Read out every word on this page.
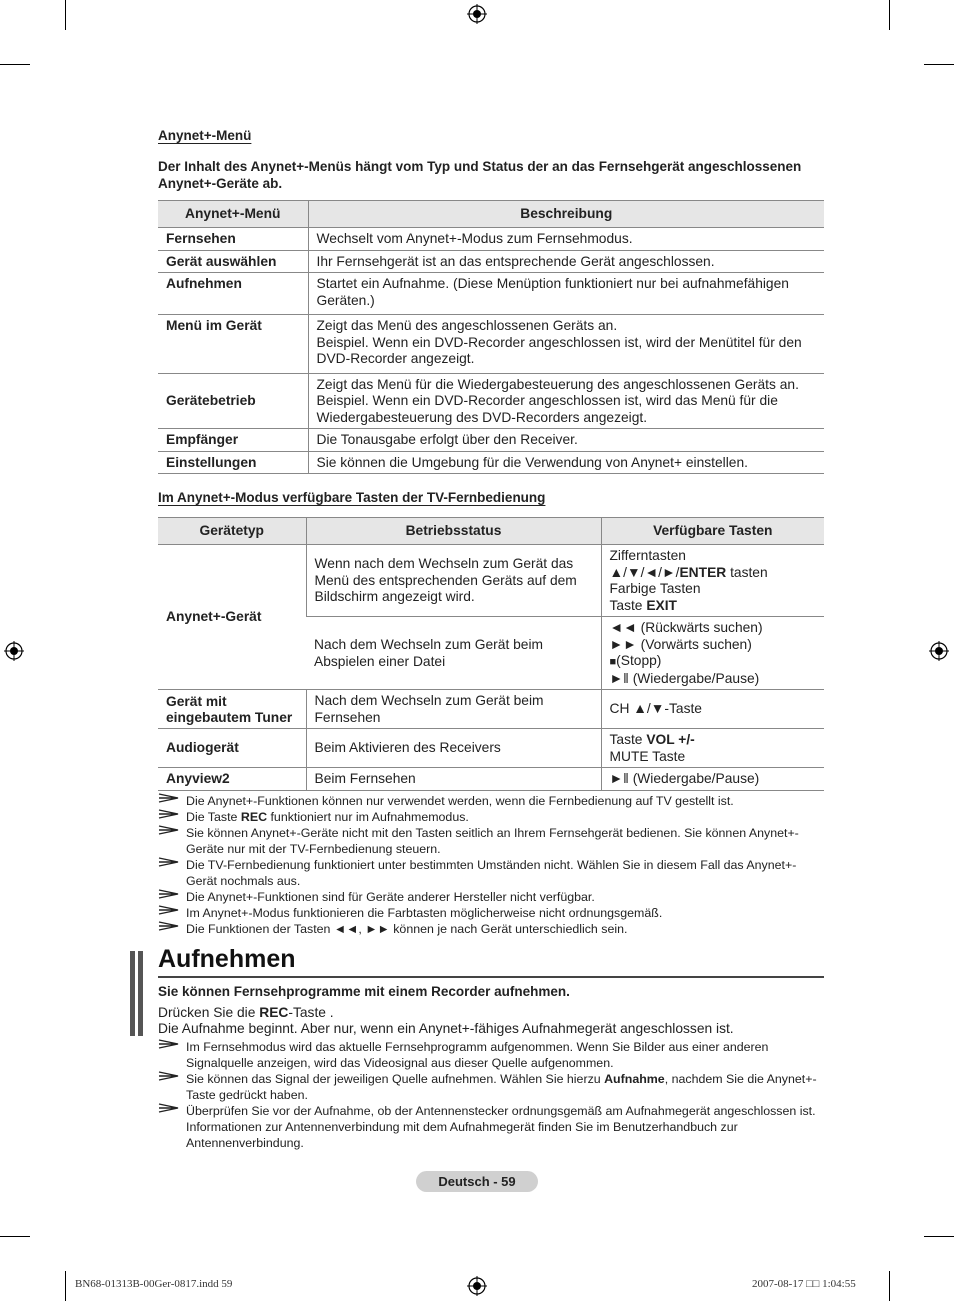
Anynet+-Menü
Der Inhalt des Anynet+-Menüs hängt vom Typ und Status der an das Fernsehgerät angeschlossenen Anynet+-Geräte ab.
Anynet+-Menü	Beschreibung
Fernsehen	Wechselt vom Anynet+-Modus zum Fernsehmodus.
Gerät auswählen	Ihr Fernsehgerät ist an das entsprechende Gerät angeschlossen.
Aufnehmen	Startet ein Aufnahme. (Diese Menüption funktioniert nur bei aufnahmefähigen Geräten.)
Menü im Gerät	Zeigt das Menü des angeschlossenen Geräts an.
Beispiel. Wenn ein DVD-Recorder angeschlossen ist, wird der Menütitel für den DVD-Recorder angezeigt.
Gerätebetrieb	Zeigt das Menü für die Wiedergabesteuerung des angeschlossenen Geräts an. Beispiel. Wenn ein DVD-Recorder angeschlossen ist, wird das Menü für die Wiedergabesteuerung des DVD-Recorders angezeigt.
Empfänger	Die Tonausgabe erfolgt über den Receiver.
Einstellungen	Sie können die Umgebung für die Verwendung von Anynet+ einstellen.
Im Anynet+-Modus verfügbare Tasten der TV-Fernbedienung
Gerätetyp	Betriebsstatus	Verfügbare Tasten
Anynet+-Gerät	Wenn nach dem Wechseln zum Gerät das Menü des entsprechenden Geräts auf dem Bildschirm angezeigt wird.	Zifferntasten
▲/▼/◄/►/ENTER tasten
Farbige Tasten
Taste EXIT

	Nach dem Wechseln zum Gerät beim Abspielen einer Datei	◄◄ (Rückwärts suchen)
►► (Vorwärts suchen)
■(Stopp)
►‖ (Wiedergabe/Pause)

Gerät mit eingebautem Tuner	Nach dem Wechseln zum Gerät beim Fernsehen	CH ▲/▼-Taste
Audiogerät	Beim Aktivieren des Receivers	Taste VOL +/-
MUTE Taste

Anyview2	Beim Fernsehen	►‖ (Wiedergabe/Pause)
Die Anynet+-Funktionen können nur verwendet werden, wenn die Fernbedienung auf TV gestellt ist.
Die Taste REC funktioniert nur im Aufnahmemodus.
Sie können Anynet+-Geräte nicht mit den Tasten seitlich an Ihrem Fernsehgerät bedienen. Sie können Anynet+-Geräte nur mit der TV-Fernbedienung steuern.
Die TV-Fernbedienung funktioniert unter bestimmten Umständen nicht. Wählen Sie in diesem Fall das Anynet+-Gerät nochmals aus.
Die Anynet+-Funktionen sind für Geräte anderer Hersteller nicht verfügbar.
Im Anynet+-Modus funktionieren die Farbtasten möglicherweise nicht ordnungsgemäß.
Die Funktionen der Tasten ◄◄, ►► können je nach Gerät unterschiedlich sein.
Aufnehmen
Sie können Fernsehprogramme mit einem Recorder aufnehmen.
Drücken Sie die REC-Taste .
Die Aufnahme beginnt. Aber nur, wenn ein Anynet+-fähiges Aufnahmegerät angeschlossen ist.
Im Fernsehmodus wird das aktuelle Fernsehprogramm aufgenommen. Wenn Sie Bilder aus einer anderen Signalquelle anzeigen, wird das Videosignal aus dieser Quelle aufgenommen.
Sie können das Signal der jeweiligen Quelle aufnehmen. Wählen Sie hierzu Aufnahme, nachdem Sie die Anynet+-Taste gedrückt haben.
Überprüfen Sie vor der Aufnahme, ob der Antennenstecker ordnungsgemäß am Aufnahmegerät angeschlossen ist.
Informationen zur Antennenverbindung mit dem Aufnahmegerät finden Sie im Benutzerhandbuch zur Antennenverbindung.
Deutsch - 59
BN68-01313B-00Ger-0817.indd 59	2007-08-17 □□ 1:04:55
